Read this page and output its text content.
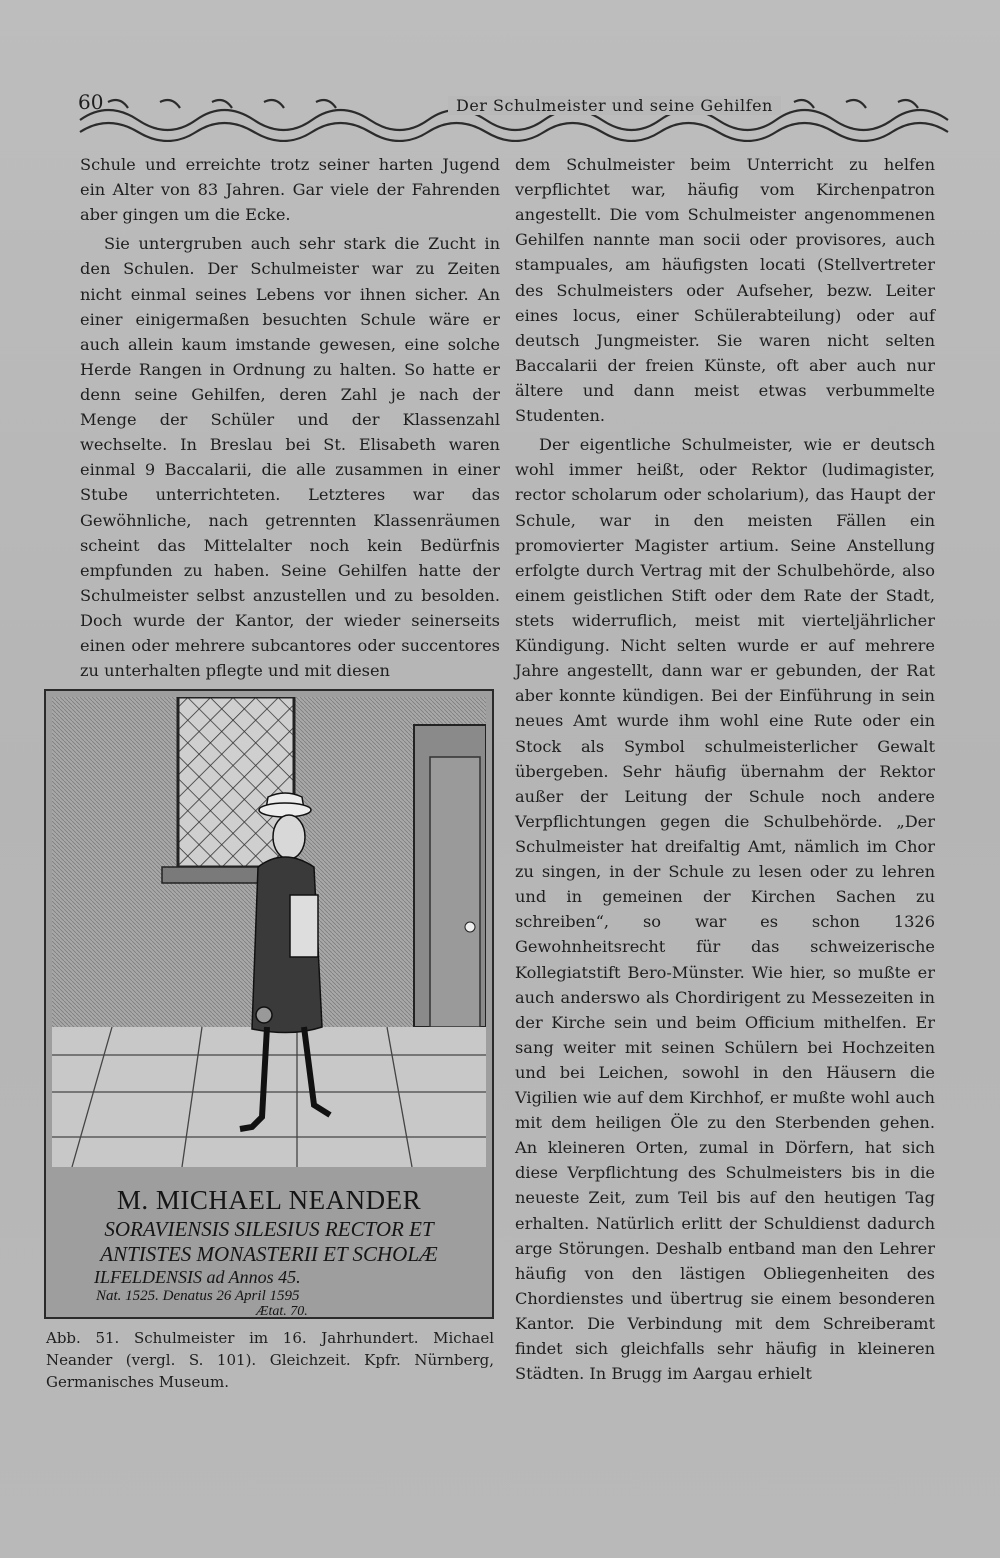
60	Der Schulmeister und seine Gehilfen

Schule und erreichte trotz seiner harten Jugend ein Alter von 83 Jahren. Gar viele der Fahrenden aber gingen um die Ecke.

Sie untergruben auch sehr stark die Zucht in den Schulen. Der Schulmeister war zu Zeiten nicht einmal seines Lebens vor ihnen sicher. An einer einigermaßen besuchten Schule wäre er auch allein kaum imstande gewesen, eine solche Herde Rangen in Ordnung zu halten. So hatte er denn seine Gehilfen, deren Zahl je nach der Menge der Schüler und der Klassenzahl wechselte. In Breslau bei St. Elisabeth waren einmal 9 Baccalarii, die alle zusammen in einer Stube unterrichteten. Letzteres war das Gewöhnliche, nach getrennten Klassenräumen scheint das Mittelalter noch kein Bedürfnis empfunden zu haben. Seine Gehilfen hatte der Schulmeister selbst anzustellen und zu besolden. Doch wurde der Kantor, der wieder seinerseits einen oder mehrere subcantores oder succentores zu unterhalten pflegte und mit diesen

M. MICHAEL NEANDER
SORAVIENSIS SILESIUS RECTOR ET
ANTISTES MONASTERII ET SCHOLÆ
ILFELDENSIS ad Annos 45.
Nat. 1525. Denatus 26 April 1595
Ætat. 70.
Abb. 51. Schulmeister im 16. Jahrhundert. Michael Neander (vergl. S. 101). Gleichzeit. Kpfr. Nürnberg, Germanisches Museum.

dem Schulmeister beim Unterricht zu helfen verpflichtet war, häufig vom Kirchenpatron angestellt. Die vom Schulmeister angenommenen Gehilfen nannte man socii oder provisores, auch stampuales, am häufigsten locati (Stellvertreter des Schulmeisters oder Aufseher, bezw. Leiter eines locus, einer Schülerabteilung) oder auf deutsch Jungmeister. Sie waren nicht selten Baccalarii der freien Künste, oft aber auch nur ältere und dann meist etwas verbummelte Studenten.

Der eigentliche Schulmeister, wie er deutsch wohl immer heißt, oder Rektor (ludimagister, rector scholarum oder scholarium), das Haupt der Schule, war in den meisten Fällen ein promovierter Magister artium. Seine Anstellung erfolgte durch Vertrag mit der Schulbehörde, also einem geistlichen Stift oder dem Rate der Stadt, stets widerruflich, meist mit vierteljährlicher Kündigung. Nicht selten wurde er auf mehrere Jahre angestellt, dann war er gebunden, der Rat aber konnte kündigen. Bei der Einführung in sein neues Amt wurde ihm wohl eine Rute oder ein Stock als Symbol schulmeisterlicher Gewalt übergeben. Sehr häufig übernahm der Rektor außer der Leitung der Schule noch andere Verpflichtungen gegen die Schulbehörde. „Der Schulmeister hat dreifaltig Amt, nämlich im Chor zu singen, in der Schule zu lesen oder zu lehren und in gemeinen der Kirchen Sachen zu schreiben“, so war es schon 1326 Gewohnheitsrecht für das schweizerische Kollegiatstift Bero-Münster. Wie hier, so mußte er auch anderswo als Chordirigent zu Messezeiten in der Kirche sein und beim Officium mithelfen. Er sang weiter mit seinen Schülern bei Hochzeiten und bei Leichen, sowohl in den Häusern die Vigilien wie auf dem Kirchhof, er mußte wohl auch mit dem heiligen Öle zu den Sterbenden gehen. An kleineren Orten, zumal in Dörfern, hat sich diese Verpflichtung des Schulmeisters bis in die neueste Zeit, zum Teil bis auf den heutigen Tag erhalten. Natürlich erlitt der Schuldienst dadurch arge Störungen. Deshalb entband man den Lehrer häufig von den lästigen Obliegenheiten des Chordienstes und übertrug sie einem besonderen Kantor. Die Verbindung mit dem Schreiberamt findet sich gleichfalls sehr häufig in kleineren Städten. In Brugg im Aargau erhielt
